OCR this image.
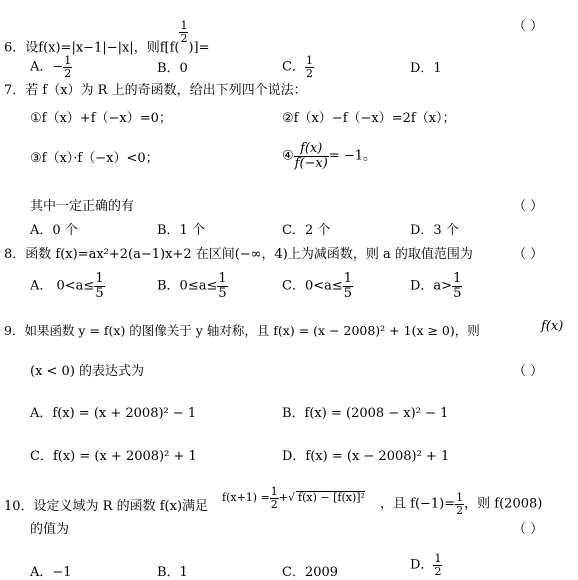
6．设f(x)=|x−1|−|x|，则f[f(
$\frac{1}{2}$
)]=
（ ）
A．− $\frac{1}{2}$	B．0	C． $\frac{1}{2}$	D．1
7．若 f（x）为 R 上的奇函数，给出下列四个说法：
①f（x）+f（−x）=0；	②f（x）−f（−x）=2f（x）；
③f（x）·f（−x）<0；	④ $\frac{f(x)}{f(-x)} = -1$。
其中一定正确的有	（ ）
A．0 个	B．1 个	C．2 个	D．3 个
8．函数 f(x)=ax²+2(a−1)x+2 在区间(−∞，4)上为减函数，则 a 的取值范围为	（ ）
A． $0<a\le \frac{1}{5}$	B．$0\le a\le \frac{1}{5}$	C．$0<a\le \frac{1}{5}$	D．$a> \frac{1}{5}$
9．如果函数 y = f(x) 的图像关于 y 轴对称，且 f(x) = (x − 2008)² + 1(x ≥ 0)，则	f(x)
(x < 0) 的表达式为	（ ）
A．f(x) = (x + 2008)² − 1	B．f(x) = (2008 − x)² − 1
C．f(x) = (x + 2008)² + 1	D．f(x) = (x − 2008)² + 1
10．设定义域为 R 的函数 f(x)满足
$f(x+1) = \frac{1}{2}$ +√ f(x) − [f(x)]² ，且 $f(-1)= \frac{1}{2}$ ，则 f(2008)
的值为	（ ）
A．−1	B．1	C．2009	D． $\frac{1}{2}$
